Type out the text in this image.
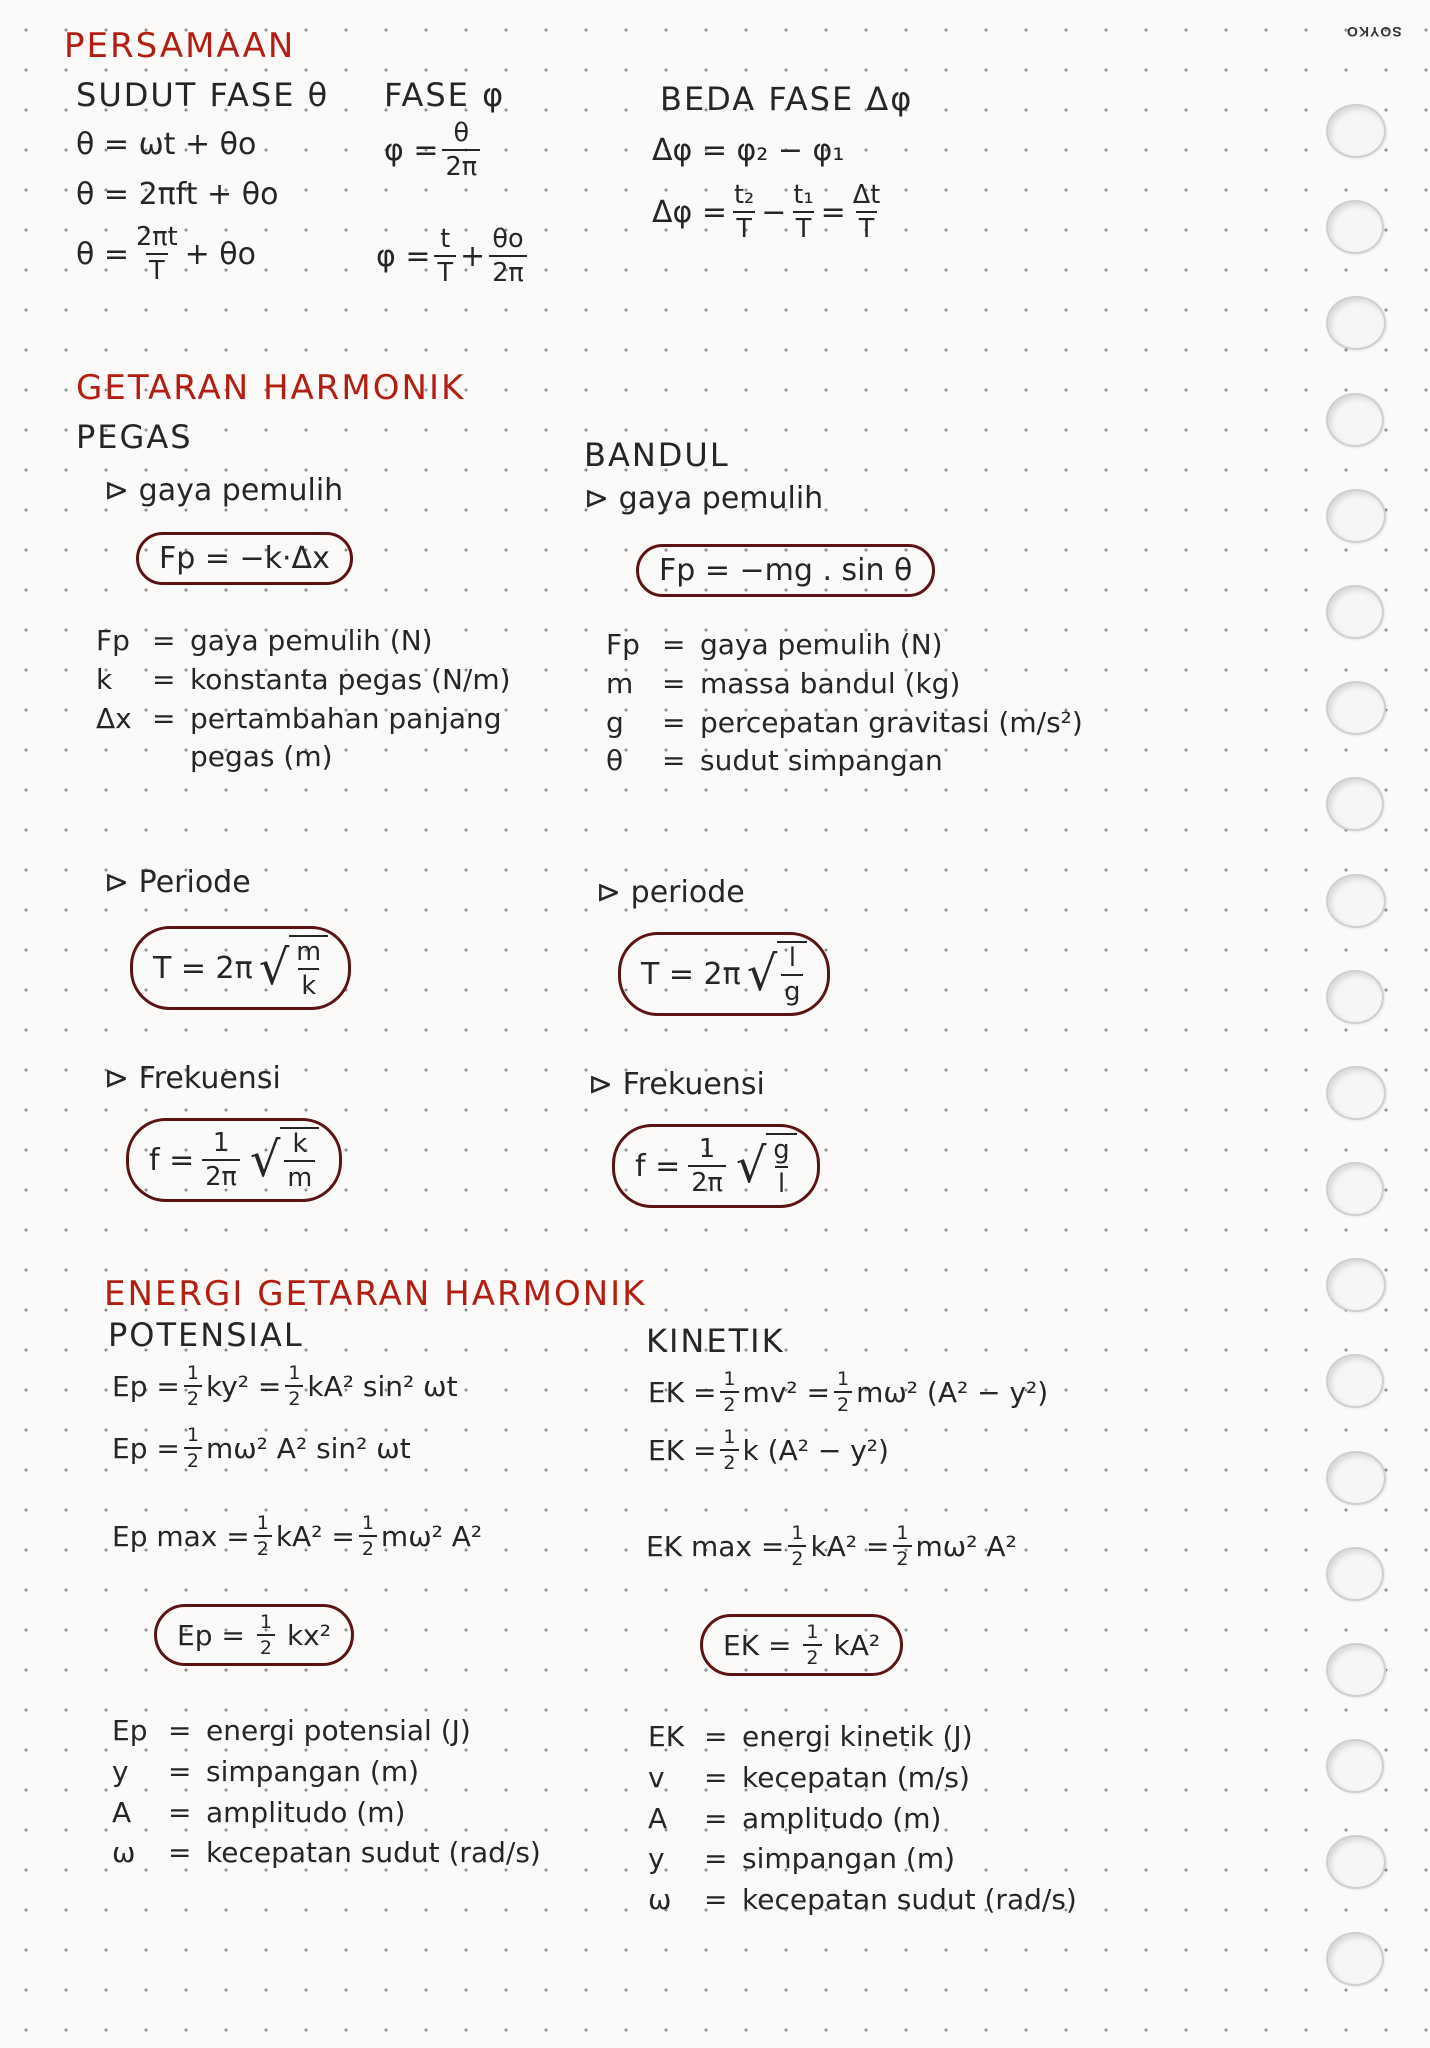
SOYKO
PERSAMAAN
SUDUT FASE θ
θ = ωt + θo
θ = 2πft + θo
$\theta = \frac{2\pi t}{T} + \theta o$
FASE φ
$\varphi = \frac{\theta}{2\pi}$
$\varphi = \frac{t}{T} + \frac{\theta o}{2\pi}$
BEDA FASE Δφ
Δφ = φ₂ − φ₁
$\Delta\varphi = \frac{\text{t₂}}{T} - \frac{\text{t₁}}{T} = \frac{\Delta t}{T}$
GETARAN HARMONIK
PEGAS	BANDUL
⊳ gaya pemulih
Fp = −k·Δx
⊳ gaya pemulih
Fp = −mg . sin θ
Fp = gaya pemulih (N)
k	= konstanta pegas (N/m)
Δx = pertambahan panjang
pegas (m)
Fp = gaya pemulih (N)
m	= massa bandul (kg)
g	= percepatan gravitasi (m/s²)
θ	= sudut simpangan
⊳ Periode
T = 2π √ $\frac{m}{k}$
⊳ periode
T = 2π √ $\frac{l}{g}$
⊳ Frekuensi
$f = \frac{1}{2\pi}$ √ $\frac{k}{m}$
⊳ Frekuensi
$f = \frac{1}{2\pi}$ √ $\frac{g}{l}$
ENERGI GETARAN HARMONIK
POTENSIAL	KINETIK
$Ep = \frac{1}{2} ky^2 = \frac{1}{2} kA^2$ sin² ωt
$Ep = \frac{1}{2} m\omega^2$ A² sin² ωt
Ep $\max = \frac{1}{2} kA^2 = \frac{1}{2} m\omega^2$ A²
$Ep = \frac{1}{2} kx^2$
EK = $\frac{1}{2} mv^2 = \frac{1}{2} m\omega^2$ (A² − y²)
EK = $\frac{1}{2}$ k (A² − y²)
EK $\max = \frac{1}{2} kA^2 = \frac{1}{2} m\omega^2$ A²
EK = $\frac{1}{2} kA^2$
Ep = energi potensial (J)
y	= simpangan (m)
A	= amplitudo (m)
ω	= kecepatan sudut (rad/s)
EK = energi kinetik (J)
v	= kecepatan (m/s)
A	= amplitudo (m)
y	= simpangan (m)
ω	= kecepatan sudut (rad/s)
